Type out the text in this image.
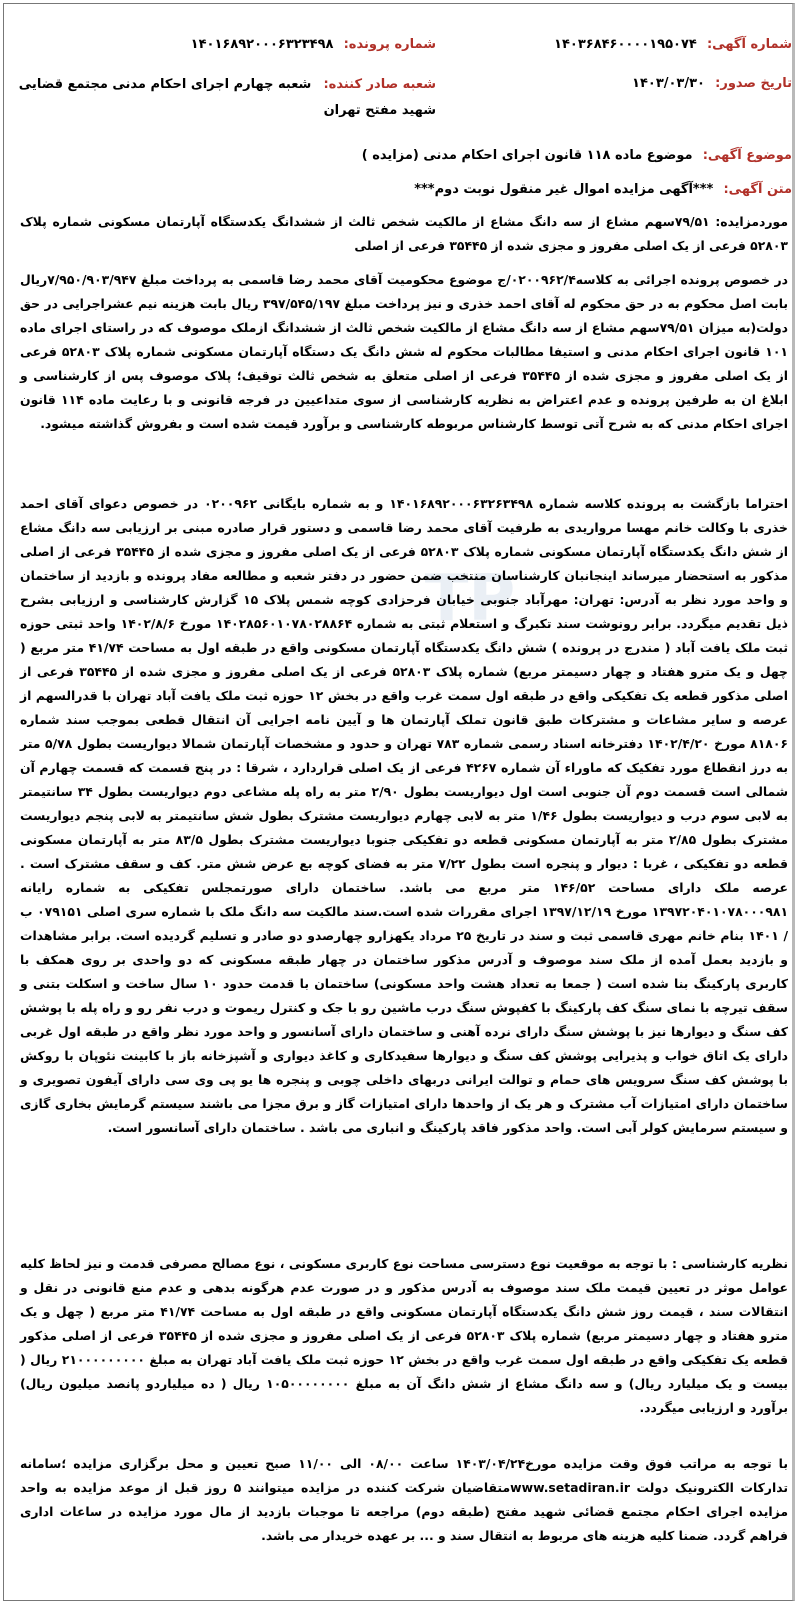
TP
شماره آگهی: ۱۴۰۳۶۸۴۶۰۰۰۰۱۹۵۰۷۴
شماره پرونده: ۱۴۰۱۶۸۹۲۰۰۰۶۳۲۳۴۹۸
تاریخ صدور: ۱۴۰۳/۰۳/۳۰
شعبه صادر کننده: شعبه چهارم اجرای احکام مدنی مجتمع قضایی شهید مفتح تهران
موضوع آگهی: موضوع ماده ۱۱۸ قانون اجرای احکام مدنی (مزایده )
متن آگهی: ***آگهی مزایده اموال غیر منقول نوبت دوم***
موردمزایده: ۷۹/۵۱سهم مشاع از سه دانگ مشاع از مالکیت شخص ثالث از ششدانگ یکدستگاه آپارتمان مسکونی شماره پلاک ۵۲۸۰۳ فرعی از یک اصلی مفروز و مجزی شده از ۳۵۴۴۵ فرعی از اصلی
در خصوص پرونده اجرائی به کلاسه۰۲۰۰۹۶۲/۴/ج موضوع محکومیت آقای محمد رضا قاسمی به پرداخت مبلغ ۷/۹۵۰/۹۰۳/۹۴۷ریال بابت اصل محکوم به در حق محکوم له آقای احمد خذری و نیز پرداخت مبلغ ۳۹۷/۵۴۵/۱۹۷ ریال بابت هزینه نیم عشراجرایی در حق دولت(به میزان ۷۹/۵۱سهم مشاع از سه دانگ مشاع از مالکیت شخص ثالث از ششدانگ ازملک موصوف که در راستای اجرای ماده ۱۰۱ قانون اجرای احکام مدنی و استیفا مطالبات محکوم له شش دانگ یک دستگاه آپارتمان مسکونی شماره پلاک ۵۲۸۰۳ فرعی از یک اصلی مفروز و مجزی شده از ۳۵۴۴۵ فرعی از اصلی متعلق به شخص ثالث توقیف؛ پلاک موصوف پس از کارشناسی و ابلاغ ان به طرفین پرونده و عدم اعتراض به نظریه کارشناسی از سوی متداعیین در فرجه قانونی و با رعایت ماده ۱۱۴ قانون اجرای احکام مدنی که به شرح آتی توسط کارشناس مربوطه کارشناسی و برآورد قیمت شده است و بفروش گذاشته میشود.
احتراما بازگشت به پرونده کلاسه شماره ۱۴۰۱۶۸۹۲۰۰۰۶۳۲۶۳۴۹۸ و به شماره بایگانی ۰۲۰۰۹۶۲ در خصوص دعوای آقای احمد خذری با وکالت خانم مهسا مرواریدی به طرفیت آقای محمد رضا قاسمی و دستور قرار صادره مبنی بر ارزیابی سه دانگ مشاع از شش دانگ یکدستگاه آپارتمان مسکونی شماره پلاک ۵۲۸۰۳ فرعی از یک اصلی مفروز و مجزی شده از ۳۵۴۴۵ فرعی از اصلی مذکور به استحضار میرساند اینجانبان کارشناسان منتخب ضمن حضور در دفتر شعبه و مطالعه مفاد پرونده و بازدید از ساختمان و واحد مورد نظر به آدرس: تهران: مهرآباد جنوبی خیابان فرحزادی کوچه شمس پلاک ۱۵ گزارش کارشناسی و ارزیابی بشرح ذیل تقدیم میگردد. برابر رونوشت سند تکبرگ و استعلام ثبتی به شماره ۱۴۰۲۸۵۶۰۱۰۷۸۰۲۸۸۶۴ مورخ ۱۴۰۲/۸/۶ واحد ثبتی حوزه ثبت ملک یافت آباد ( مندرج در پرونده ) شش دانگ یکدستگاه آپارتمان مسکونی واقع در طبقه اول به مساحت ۴۱/۷۴ متر مربع ( چهل و یک مترو هفتاد و چهار دسیمتر مربع) شماره پلاک ۵۲۸۰۳ فرعی از یک اصلی مفروز و مجزی شده از ۳۵۴۴۵ فرعی از اصلی مذکور قطعه یک تفکیکی واقع در طبقه اول سمت غرب واقع در بخش ۱۲ حوزه ثبت ملک یافت آباد تهران با قدرالسهم از عرصه و سایر مشاعات و مشترکات طبق قانون تملک آپارتمان ها و آیین نامه اجرایی آن انتقال قطعی بموجب سند شماره ۸۱۸۰۶ مورخ ۱۴۰۲/۴/۲۰ دفترخانه اسناد رسمی شماره ۷۸۳ تهران و حدود و مشخصات آپارتمان شمالا دیواریست بطول ۵/۷۸ متر به درز انقطاع مورد تفکیک که ماوراء آن شماره ۴۲۶۷ فرعی از یک اصلی قراردارد ، شرقا : در پنج قسمت که قسمت چهارم آن شمالی است قسمت دوم آن جنوبی است اول دیواریست بطول ۲/۹۰ متر به راه پله مشاعی دوم دیواریست بطول ۳۴ سانتیمتر به لابی سوم درب و دیواریست بطول ۱/۴۶ متر به لابی چهارم دیواریست مشترک بطول شش سانتیمتر به لابی پنجم دیواریست مشترک بطول ۲/۸۵ متر به آپارتمان مسکونی قطعه دو تفکیکی جنوبا دیواریست مشترک بطول ۸۳/۵ متر به آپارتمان مسکونی قطعه دو تفکیکی ، غربا : دیوار و پنجره است بطول ۷/۲۲ متر به فضای کوچه بع عرض شش متر. کف و سقف مشترک است . عرصه ملک دارای مساحت ۱۴۶/۵۲ متر مربع می باشد. ساختمان دارای صورتمجلس تفکیکی به شماره رایانه ۱۳۹۷۲۰۴۰۱۰۷۸۰۰۰۹۸۱ مورخ ۱۳۹۷/۱۲/۱۹ اجرای مقررات شده است.سند مالکیت سه دانگ ملک با شماره سری اصلی ۰۷۹۱۵۱ ب / ۱۴۰۱ بنام خانم مهری قاسمی ثبت و سند در تاریخ ۲۵ مرداد یکهزارو چهارصدو دو صادر و تسلیم گردیده است. برابر مشاهدات و بازدید بعمل آمده از ملک سند موصوف و آدرس مذکور ساختمان در چهار طبقه مسکونی که دو واحدی بر روی همکف با کاربری پارکینگ بنا شده است ( جمعا به تعداد هشت واحد مسکونی) ساختمان با قدمت حدود ۱۰ سال ساخت و اسکلت بتنی و سقف تیرچه با نمای سنگ کف پارکینگ با کفپوش سنگ درب ماشین رو با جک و کنترل ریموت و درب نفر رو و راه پله با پوشش کف سنگ و دیوارها نیز با پوشش سنگ دارای نرده آهنی و ساختمان دارای آسانسور و واحد مورد نظر واقع در طبقه اول غربی دارای یک اتاق خواب و پذیرایی پوشش کف سنگ و دیوارها سفیدکاری و کاغذ دیواری و آشپزخانه باز با کابینت نئوپان با روکش با پوشش کف سنگ سرویس های حمام و توالت ایرانی دربهای داخلی چوبی و پنجره ها یو پی وی سی دارای آیفون تصویری و ساختمان دارای امتیازات آب مشترک و هر یک از واحدها دارای امتیازات گاز و برق مجزا می باشند سیستم گرمایش بخاری گازی و سیستم سرمایش کولر آبی است. واحد مذکور فاقد پارکینگ و انباری می باشد . ساختمان دارای آسانسور است.
نظریه کارشناسی : با توجه به موقعیت نوع دسترسی مساحت نوع کاربری مسکونی ، نوع مصالح مصرفی قدمت و نیز لحاظ کلیه عوامل موثر در تعیین قیمت ملک سند موصوف به آدرس مذکور و در صورت عدم هرگونه بدهی و عدم منع قانونی در نقل و انتقالات سند ، قیمت روز شش دانگ یکدستگاه آپارتمان مسکونی واقع در طبقه اول به مساحت ۴۱/۷۴ متر مربع ( چهل و یک مترو هفتاد و چهار دسیمتر مربع) شماره پلاک ۵۲۸۰۳ فرعی از یک اصلی مفروز و مجزی شده از ۳۵۴۴۵ فرعی از اصلی مذکور قطعه یک تفکیکی واقع در طبقه اول سمت غرب واقع در بخش ۱۲ حوزه ثبت ملک یافت آباد تهران به مبلغ ۲۱۰۰۰۰۰۰۰۰۰ ریال ( بیست و یک میلیارد ریال) و سه دانگ مشاع از شش دانگ آن به مبلغ ۱۰۵۰۰۰۰۰۰۰۰ ریال ( ده میلیاردو پانصد میلیون ریال) برآورد و ارزیابی میگردد.
با توجه به مراتب فوق وقت مزایده مورخ۱۴۰۳/۰۴/۲۴ ساعت ۰۸/۰۰ الی ۱۱/۰۰ صبح تعیین و محل برگزاری مزایده ؛سامانه تدارکات الکترونیک دولت www.setadiran.irمتقاضیان شرکت کننده در مزایده میتوانند ۵ روز قبل از موعد مزایده به واحد مزایده اجرای احکام مجتمع قضائی شهید مفتح (طبقه دوم) مراجعه تا موجبات بازدید از مال مورد مزایده در ساعات اداری فراهم گردد. ضمنا کلیه هزینه های مربوط به انتقال سند و ... بر عهده خریدار می باشد.
